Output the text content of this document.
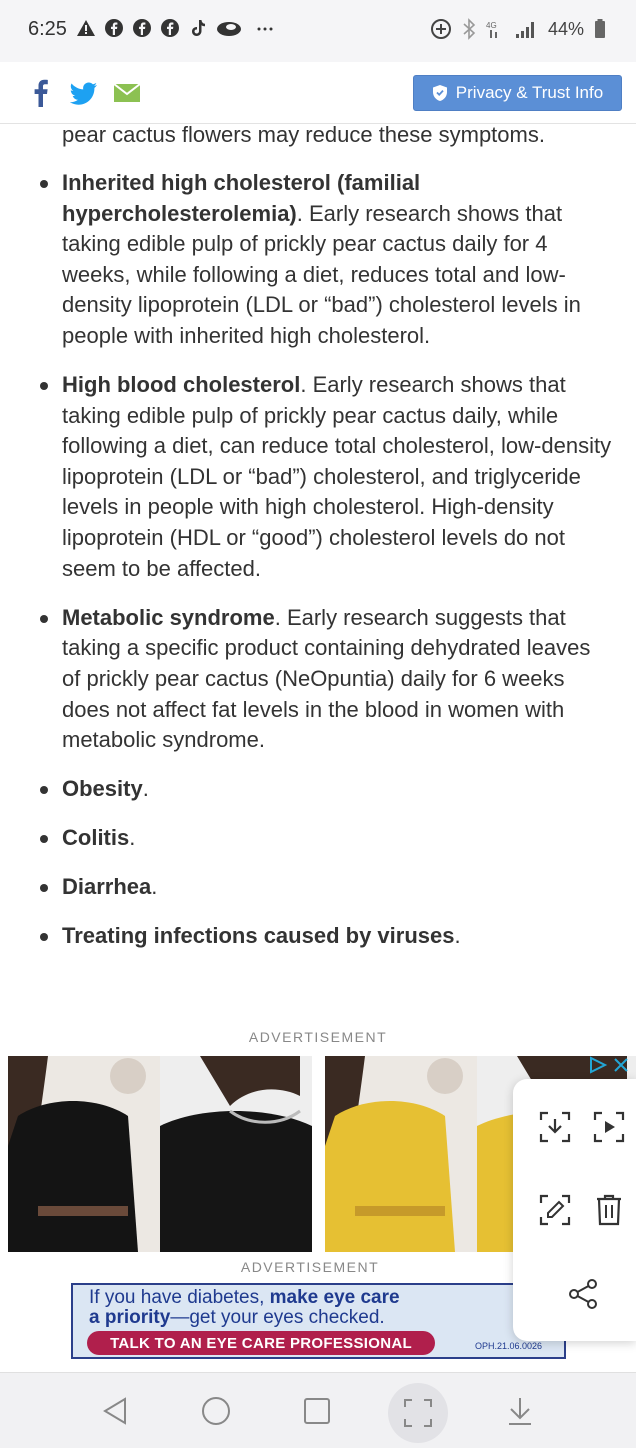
6:25	4G	44%
Privacy & Trust Info
pear cactus flowers may reduce these symptoms.
Inherited high cholesterol (familial hypercholesterolemia). Early research shows that taking edible pulp of prickly pear cactus daily for 4 weeks, while following a diet, reduces total and low-density lipoprotein (LDL or “bad”) cholesterol levels in people with inherited high cholesterol.
High blood cholesterol. Early research shows that taking edible pulp of prickly pear cactus daily, while following a diet, can reduce total cholesterol, low-density lipoprotein (LDL or “bad”) cholesterol, and triglyceride levels in people with high cholesterol. High-density lipoprotein (HDL or “good”) cholesterol levels do not seem to be affected.
Metabolic syndrome. Early research suggests that taking a specific product containing dehydrated leaves of prickly pear cactus (NeOpuntia) daily for 6 weeks does not affect fat levels in the blood in women with metabolic syndrome.
Obesity.
Colitis.
Diarrhea.
Treating infections caused by viruses.
ADVERTISEMENT
ADVERTISEMENT
If you have diabetes, make eye care
a priority—get your eyes checked.
TALK TO AN EYE CARE PROFESSIONAL	OPH.21.06.0026
